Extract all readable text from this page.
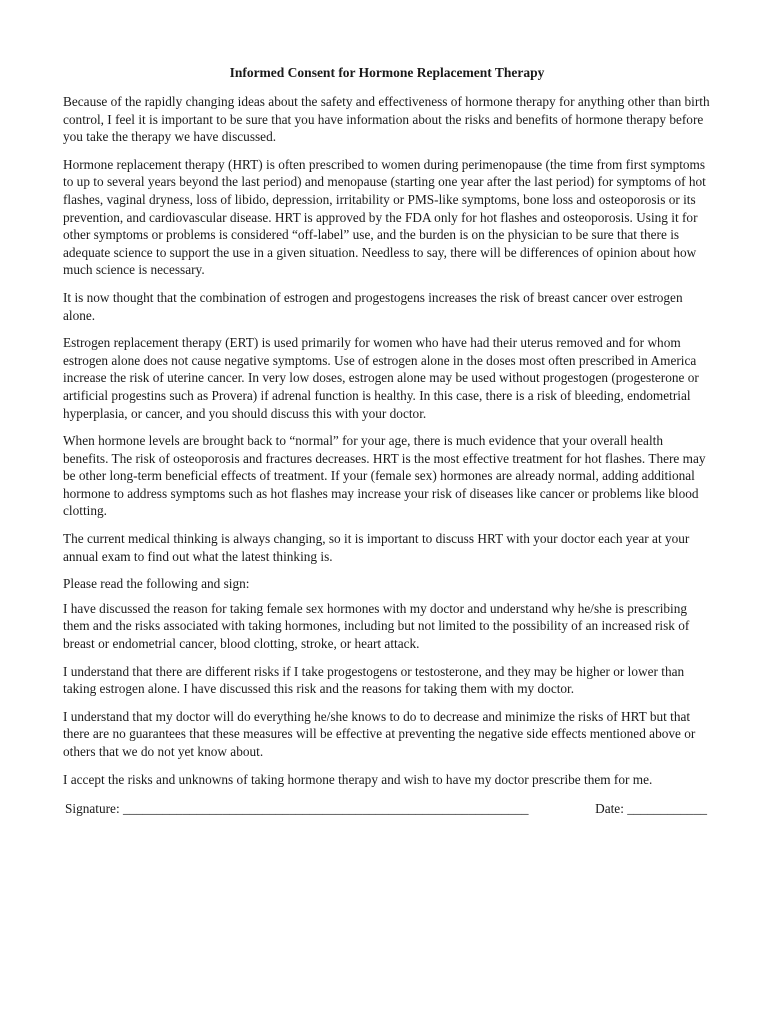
Informed Consent for Hormone Replacement Therapy

Because of the rapidly changing ideas about the safety and effectiveness of hormone therapy for anything other than birth control, I feel it is important to be sure that you have information about the risks and benefits of hormone therapy before you take the therapy we have discussed.

Hormone replacement therapy (HRT) is often prescribed to women during perimenopause (the time from first symptoms to up to several years beyond the last period) and menopause (starting one year after the last period) for symptoms of hot flashes, vaginal dryness, loss of libido, depression, irritability or PMS-like symptoms, bone loss and osteoporosis or its prevention, and cardiovascular disease. HRT is approved by the FDA only for hot flashes and osteoporosis. Using it for other symptoms or problems is considered “off-label” use, and the burden is on the physician to be sure that there is adequate science to support the use in a given situation. Needless to say, there will be differences of opinion about how much science is necessary.

It is now thought that the combination of estrogen and progestogens increases the risk of breast cancer over estrogen alone.

Estrogen replacement therapy (ERT) is used primarily for women who have had their uterus removed and for whom estrogen alone does not cause negative symptoms. Use of estrogen alone in the doses most often prescribed in America increase the risk of uterine cancer. In very low doses, estrogen alone may be used without progestogen (progesterone or artificial progestins such as Provera) if adrenal function is healthy. In this case, there is a risk of bleeding, endometrial hyperplasia, or cancer, and you should discuss this with your doctor.

When hormone levels are brought back to “normal” for your age, there is much evidence that your overall health benefits. The risk of osteoporosis and fractures decreases. HRT is the most effective treatment for hot flashes. There may be other long-term beneficial effects of treatment. If your (female sex) hormones are already normal, adding additional hormone to address symptoms such as hot flashes may increase your risk of diseases like cancer or problems like blood clotting.

The current medical thinking is always changing, so it is important to discuss HRT with your doctor each year at your annual exam to find out what the latest thinking is.

Please read the following and sign:

I have discussed the reason for taking female sex hormones with my doctor and understand why he/she is prescribing them and the risks associated with taking hormones, including but not limited to the possibility of an increased risk of breast or endometrial cancer, blood clotting, stroke, or heart attack.

I understand that there are different risks if I take progestogens or testosterone, and they may be higher or lower than taking estrogen alone. I have discussed this risk and the reasons for taking them with my doctor.

I understand that my doctor will do everything he/she knows to do to decrease and minimize the risks of HRT but that there are no guarantees that these measures will be effective at preventing the negative side effects mentioned above or others that we do not yet know about.

I accept the risks and unknowns of taking hormone therapy and wish to have my doctor prescribe them for me.

Signature: _____________________________________________________________	Date: ____________
